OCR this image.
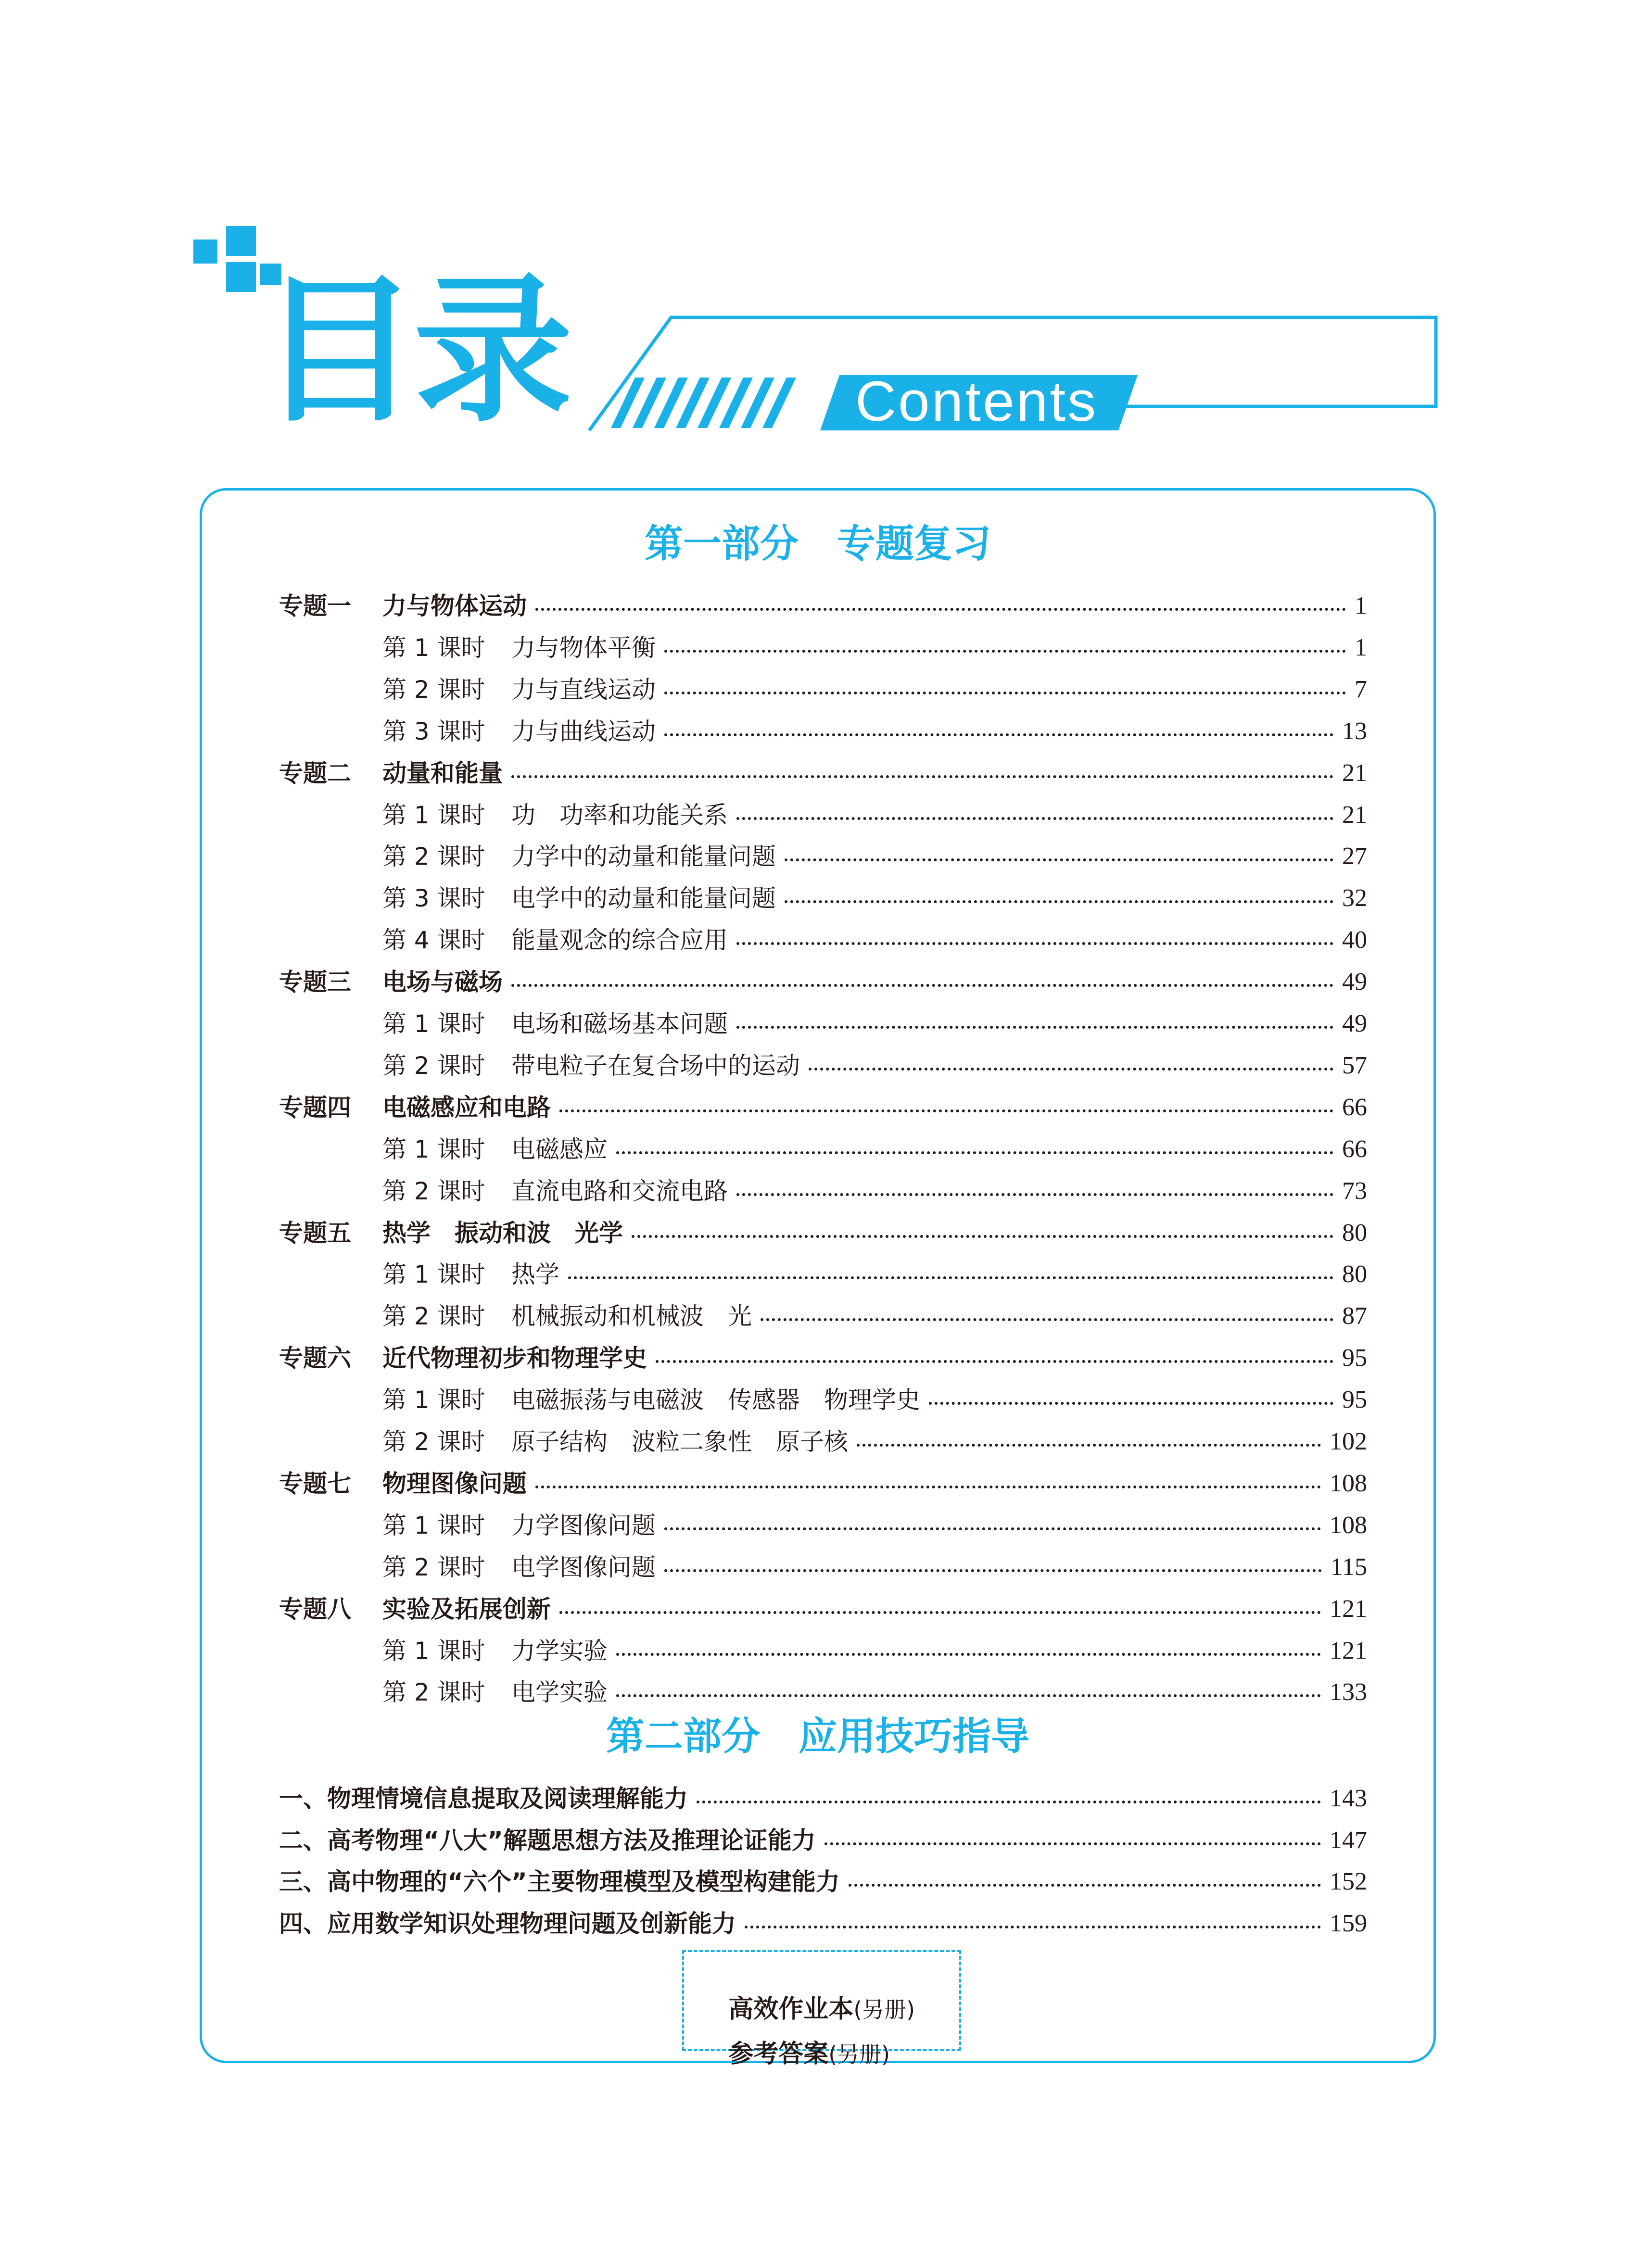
目录	Contents
第一部分　专题复习
专题一	力与物体运动	1
第 1 课时	力与物体平衡	1
第 2 课时	力与直线运动	7
第 3 课时	力与曲线运动	13
专题二	动量和能量	21
第 1 课时	功　功率和功能关系	21
第 2 课时	力学中的动量和能量问题	27
第 3 课时	电学中的动量和能量问题	32
第 4 课时	能量观念的综合应用	40
专题三	电场与磁场	49
第 1 课时	电场和磁场基本问题	49
第 2 课时	带电粒子在复合场中的运动	57
专题四	电磁感应和电路	66
第 1 课时	电磁感应	66
第 2 课时	直流电路和交流电路	73
专题五	热学　振动和波　光学	80
第 1 课时	热学	80
第 2 课时	机械振动和机械波　光	87
专题六	近代物理初步和物理学史	95
第 1 课时	电磁振荡与电磁波　传感器　物理学史	95
第 2 课时	原子结构　波粒二象性　原子核	102
专题七	物理图像问题	108
第 1 课时	力学图像问题	108
第 2 课时	电学图像问题	115
专题八	实验及拓展创新	121
第 1 课时	力学实验	121
第 2 课时	电学实验	133
第二部分　应用技巧指导
一、物理情境信息提取及阅读理解能力	143
二、高考物理“八大”解题思想方法及推理论证能力	147
三、高中物理的“六个”主要物理模型及模型构建能力	152
四、应用数学知识处理物理问题及创新能力	159

高效作业本(另册)

参考答案(另册)
